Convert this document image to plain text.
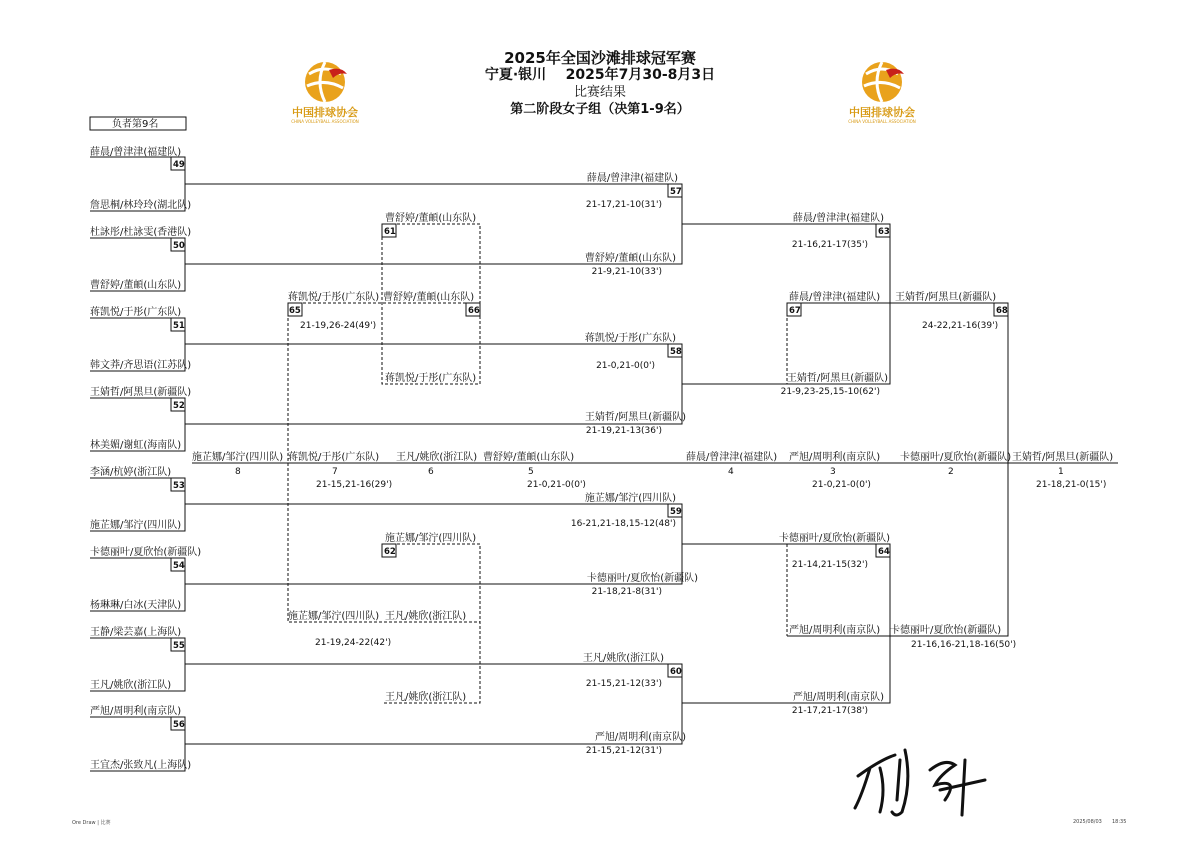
2025年全国沙滩排球冠军赛
宁夏·银川    2025年7月30-8月3日
比赛结果
第二阶段女子组（决第1-9名）
中国排球协会
CHINA VOLLEYBALL ASSOCIATION
中国排球协会
CHINA VOLLEYBALL ASSOCIATION
负者第9名
薛晨/曾津津(福建队)
詹思桐/林玲玲(湖北队)
杜詠彤/杜詠雯(香港队)
曹舒婷/董頔(山东队)
蒋凯悦/于彤(广东队)
韩文莽/齐思语(江苏队)
王婧哲/阿黑旦(新疆队)
林美媚/谢虹(海南队)
李涵/杭婷(浙江队)
施芷娜/邹泞(四川队)
卡德丽叶/夏欣怡(新疆队)
杨琳琳/白冰(天津队)
王静/梁芸嘉(上海队)
王凡/姚欣(浙江队)
严旭/周明利(南京队)
王宜杰/张致凡(上海队)
49
50
51
52
53
54
55
56
薛晨/曾津津(福建队)
21-17,21-10(31')
曹舒婷/董頔(山东队)
21-9,21-10(33')
蒋凯悦/于彤(广东队)
21-0,21-0(0')
王婧哲/阿黑旦(新疆队)
21-19,21-13(36')
施芷娜/邹泞(四川队)
16-21,21-18,15-12(48')
卡德丽叶/夏欣怡(新疆队)
21-18,21-8(31')
王凡/姚欣(浙江队)
21-15,21-12(33')
严旭/周明利(南京队)
21-15,21-12(31')
57
58
59
60
曹舒婷/董頔(山东队)
61
蒋凯悦/于彤(广东队)
施芷娜/邹泞(四川队)
62
王凡/姚欣(浙江队)
蒋凯悦/于彤(广东队)
65
21-19,26-24(49')
曹舒婷/董頔(山东队)
66
施芷娜/邹泞(四川队) 王凡/姚欣(浙江队)
21-19,24-22(42')
薛晨/曾津津(福建队)
21-16,21-17(35')
王婧哲/阿黑旦(新疆队)
21-9,23-25,15-10(62')
卡德丽叶/夏欣怡(新疆队)
21-14,21-15(32')
严旭/周明利(南京队)
21-17,21-17(38')
63
64
薛晨/曾津津(福建队)
67
严旭/周明利(南京队) 卡德丽叶/夏欣怡(新疆队)
21-16,16-21,18-16(50')
王婧哲/阿黑旦(新疆队)
68
24-22,21-16(39')
施芷娜/邹泞(四川队)
8
蒋凯悦/于彤(广东队)
7
21-15,21-16(29')
王凡/姚欣(浙江队)
6
曹舒婷/董頔(山东队)
5
21-0,21-0(0')
薛晨/曾津津(福建队)
4
严旭/周明利(南京队)
3
21-0,21-0(0')
卡德丽叶/夏欣怡(新疆队)
2
王婧哲/阿黑旦(新疆队)
1
21-18,21-0(15')
Ore Draw | 比赛	2025/08/03 18:35
